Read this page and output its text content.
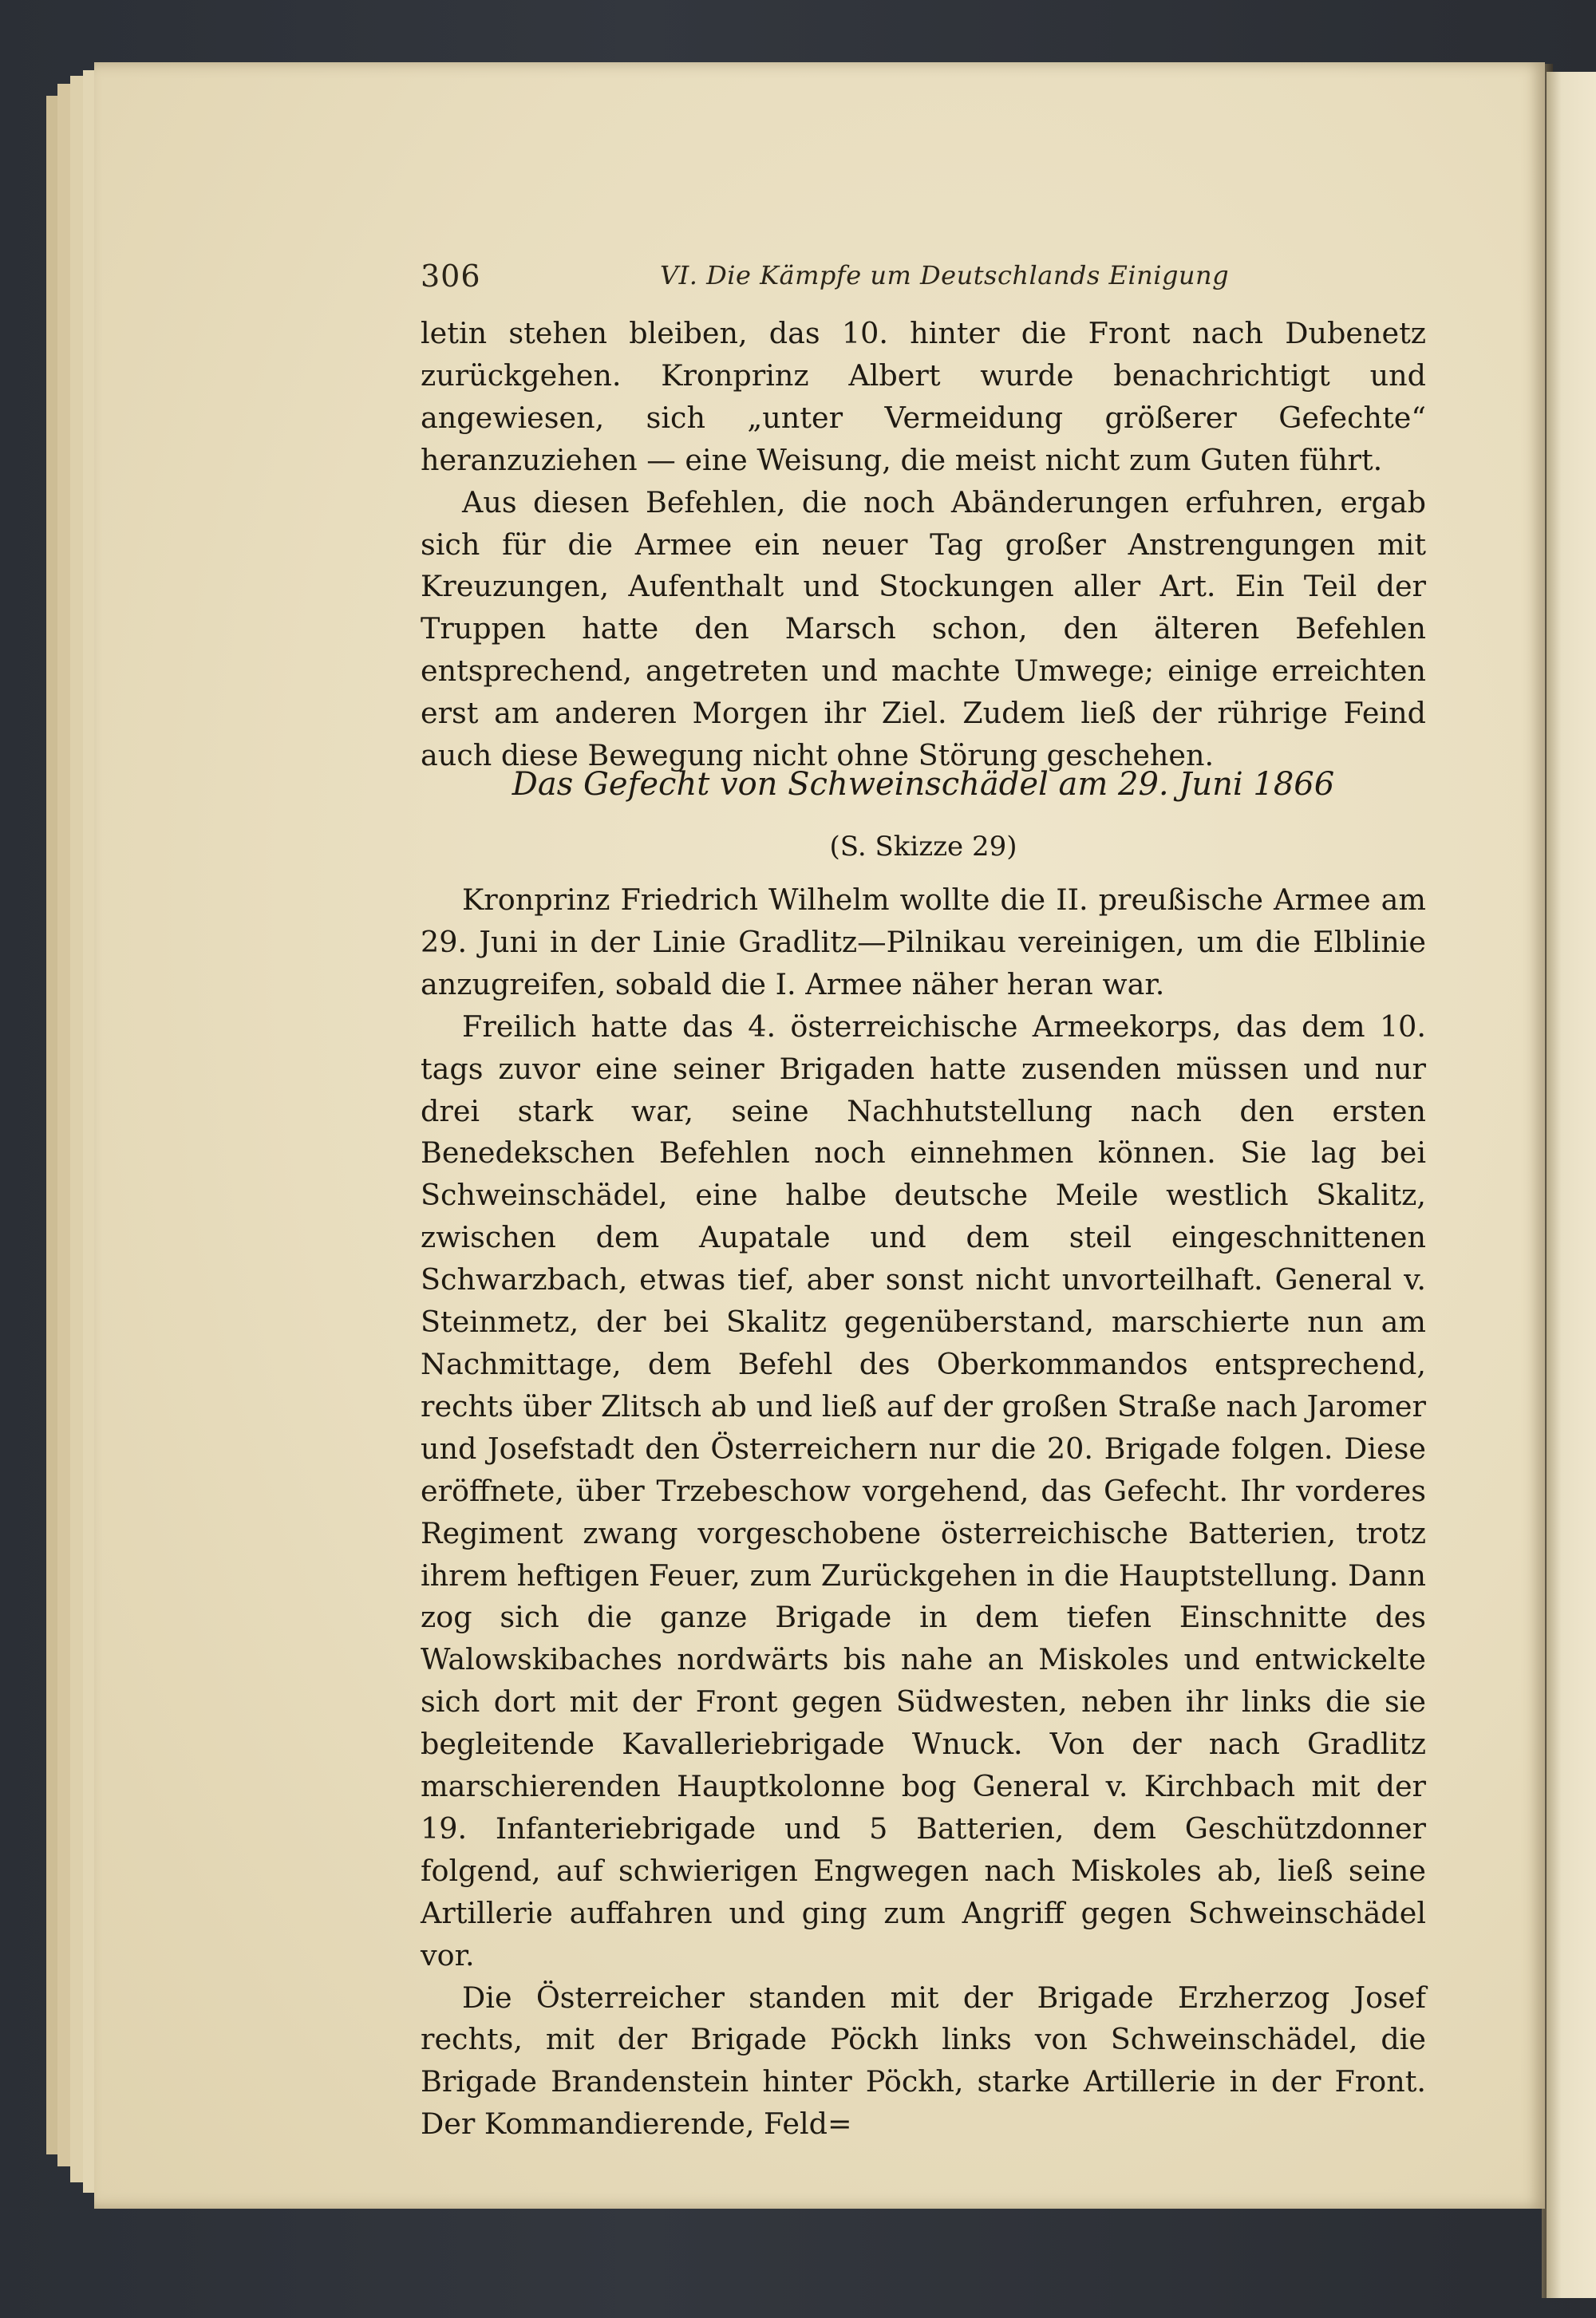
306	VI. Die Kämpfe um Deutschlands Einigung

letin stehen bleiben, das 10. hinter die Front nach Dubenetz zurückgehen. Kronprinz Albert wurde benachrichtigt und angewiesen, sich „unter Vermeidung größerer Gefechte“ heranzuziehen — eine Weisung, die meist nicht zum Guten führt.

Aus diesen Befehlen, die noch Abänderungen erfuhren, ergab sich für die Armee ein neuer Tag großer Anstrengungen mit Kreuzungen, Aufenthalt und Stockungen aller Art. Ein Teil der Truppen hatte den Marsch schon, den älteren Befehlen entsprechend, angetreten und machte Umwege; einige erreichten erst am anderen Morgen ihr Ziel. Zudem ließ der rührige Feind auch diese Bewegung nicht ohne Störung geschehen.

Das Gefecht von Schweinschädel am 29. Juni 1866
(S. Skizze 29)

Kronprinz Friedrich Wilhelm wollte die II. preußische Armee am 29. Juni in der Linie Gradlitz—Pilnikau vereinigen, um die Elblinie anzugreifen, sobald die I. Armee näher heran war.

Freilich hatte das 4. österreichische Armeekorps, das dem 10. tags zuvor eine seiner Brigaden hatte zusenden müssen und nur drei stark war, seine Nachhutstellung nach den ersten Benedekschen Befehlen noch einnehmen können. Sie lag bei Schweinschädel, eine halbe deutsche Meile westlich Skalitz, zwischen dem Aupatale und dem steil eingeschnittenen Schwarzbach, etwas tief, aber sonst nicht unvorteilhaft. General v. Steinmetz, der bei Skalitz gegenüberstand, marschierte nun am Nachmittage, dem Befehl des Oberkommandos entsprechend, rechts über Zlitsch ab und ließ auf der großen Straße nach Jaromer und Josefstadt den Österreichern nur die 20. Brigade folgen. Diese eröffnete, über Trzebeschow vorgehend, das Gefecht. Ihr vorderes Regiment zwang vorgeschobene österreichische Batterien, trotz ihrem heftigen Feuer, zum Zurückgehen in die Hauptstellung. Dann zog sich die ganze Brigade in dem tiefen Einschnitte des Walowskibaches nordwärts bis nahe an Miskoles und entwickelte sich dort mit der Front gegen Südwesten, neben ihr links die sie begleitende Kavalleriebrigade Wnuck. Von der nach Gradlitz marschierenden Hauptkolonne bog General v. Kirchbach mit der 19. Infanteriebrigade und 5 Batterien, dem Geschützdonner folgend, auf schwierigen Engwegen nach Miskoles ab, ließ seine Artillerie auffahren und ging zum Angriff gegen Schweinschädel vor.

Die Österreicher standen mit der Brigade Erzherzog Josef rechts, mit der Brigade Pöckh links von Schweinschädel, die Brigade Brandenstein hinter Pöckh, starke Artillerie in der Front. Der Kommandierende, Feld=
